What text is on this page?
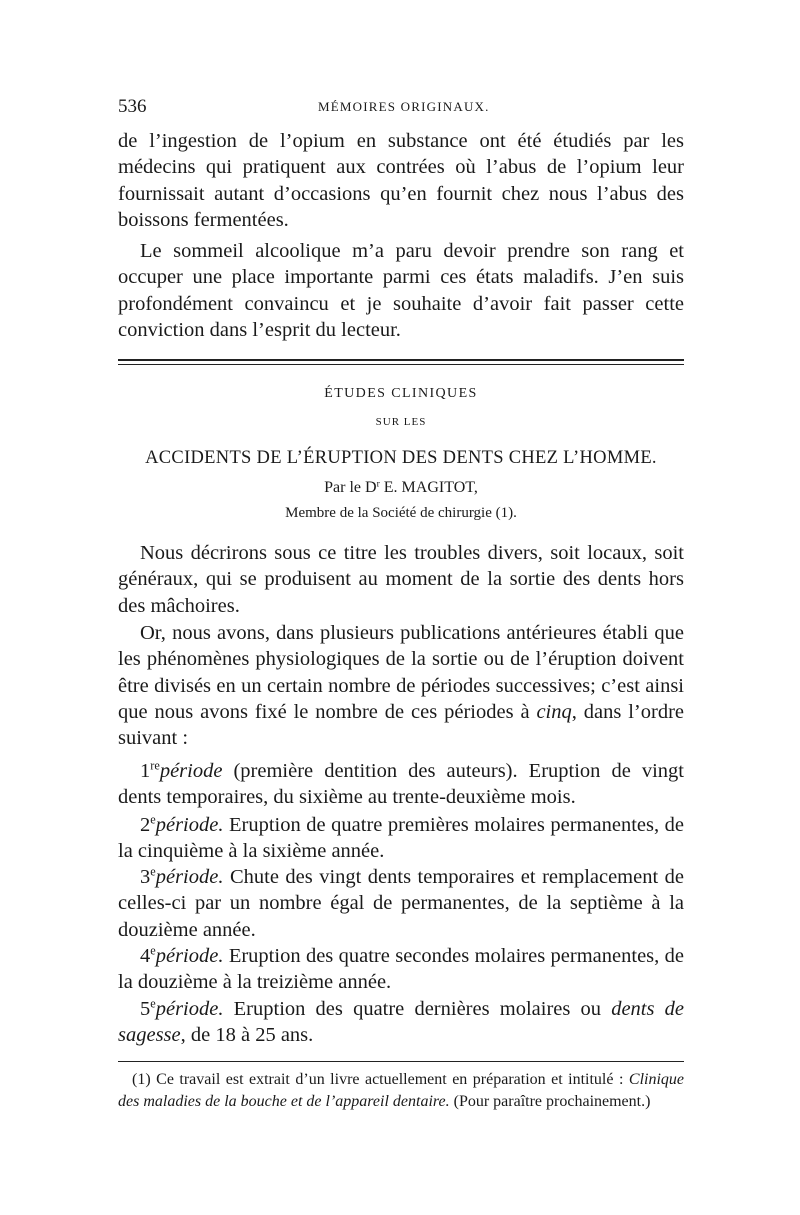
536	MÉMOIRES ORIGINAUX.
de l’ingestion de l’opium en substance ont été étudiés par les médecins qui pratiquent aux contrées où l’abus de l’opium leur fournissait autant d’occasions qu’en fournit chez nous l’abus des boissons fermentées.
Le sommeil alcoolique m’a paru devoir prendre son rang et occuper une place importante parmi ces états maladifs. J’en suis profondément convaincu et je souhaite d’avoir fait passer cette conviction dans l’esprit du lecteur.
ÉTUDES CLINIQUES
SUR LES
ACCIDENTS DE L’ÉRUPTION DES DENTS CHEZ L’HOMME.
Par le $D^r$ E. MAGITOT,
Membre de la Société de chirurgie (1).
Nous décrirons sous ce titre les troubles divers, soit locaux, soit généraux, qui se produisent au moment de la sortie des dents hors des mâchoires.
Or, nous avons, dans plusieurs publications antérieures établi que les phénomènes physiologiques de la sortie ou de l’éruption doivent être divisés en un certain nombre de périodes successives; c’est ainsi que nous avons fixé le nombre de ces périodes à cinq, dans l’ordre suivant :
1repériode (première dentition des auteurs). Eruption de vingt dents temporaires, du sixième au trente-deuxième mois.
2epériode. Eruption de quatre premières molaires permanentes, de la cinquième à la sixième année.
3epériode. Chute des vingt dents temporaires et remplacement de celles-ci par un nombre égal de permanentes, de la septième à la douzième année.
4epériode. Eruption des quatre secondes molaires permanentes, de la douzième à la treizième année.
5epériode. Eruption des quatre dernières molaires ou dents de sagesse, de 18 à 25 ans.
(1) Ce travail est extrait d’un livre actuellement en préparation et intitulé : Clinique des maladies de la bouche et de l’appareil dentaire. (Pour paraître prochainement.)
